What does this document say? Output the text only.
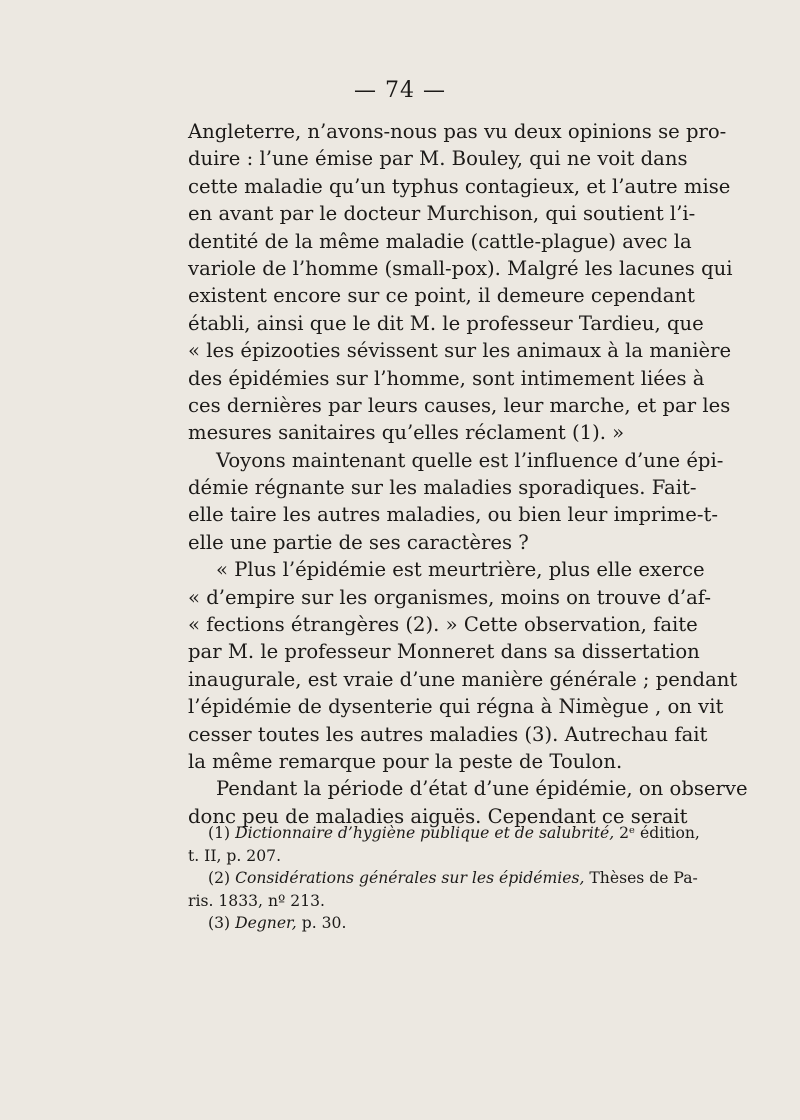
— 74 —
Angleterre, n’avons-nous pas vu deux opinions se pro-
duire : l’une émise par M. Bouley, qui ne voit dans
cette maladie qu’un typhus contagieux, et l’autre mise
en avant par le docteur Murchison, qui soutient l’i-
dentité de la même maladie (cattle-plague) avec la
variole de l’homme (small-pox). Malgré les lacunes qui
existent encore sur ce point, il demeure cependant
établi, ainsi que le dit M. le professeur Tardieu, que
« les épizooties sévissent sur les animaux à la manière
des épidémies sur l’homme, sont intimement liées à
ces dernières par leurs causes, leur marche, et par les
mesures sanitaires qu’elles réclament (1). »
Voyons maintenant quelle est l’influence d’une épi-
démie régnante sur les maladies sporadiques. Fait-
elle taire les autres maladies, ou bien leur imprime-t-
elle une partie de ses caractères ?
« Plus l’épidémie est meurtrière, plus elle exerce
« d’empire sur les organismes, moins on trouve d’af-
« fections étrangères (2). » Cette observation, faite
par M. le professeur Monneret dans sa dissertation
inaugurale, est vraie d’une manière générale ; pendant
l’épidémie de dysenterie qui régna à Nimègue , on vit
cesser toutes les autres maladies (3). Autrechau fait
la même remarque pour la peste de Toulon.
Pendant la période d’état d’une épidémie, on observe
donc peu de maladies aiguës. Cependant ce serait
(1) Dictionnaire d’hygiène publique et de salubrité, 2ᵉ édition,
t. II, p. 207.
(2) Considérations générales sur les épidémies, Thèses de Pa-
ris. 1833, nº 213.
(3) Degner, p. 30.
